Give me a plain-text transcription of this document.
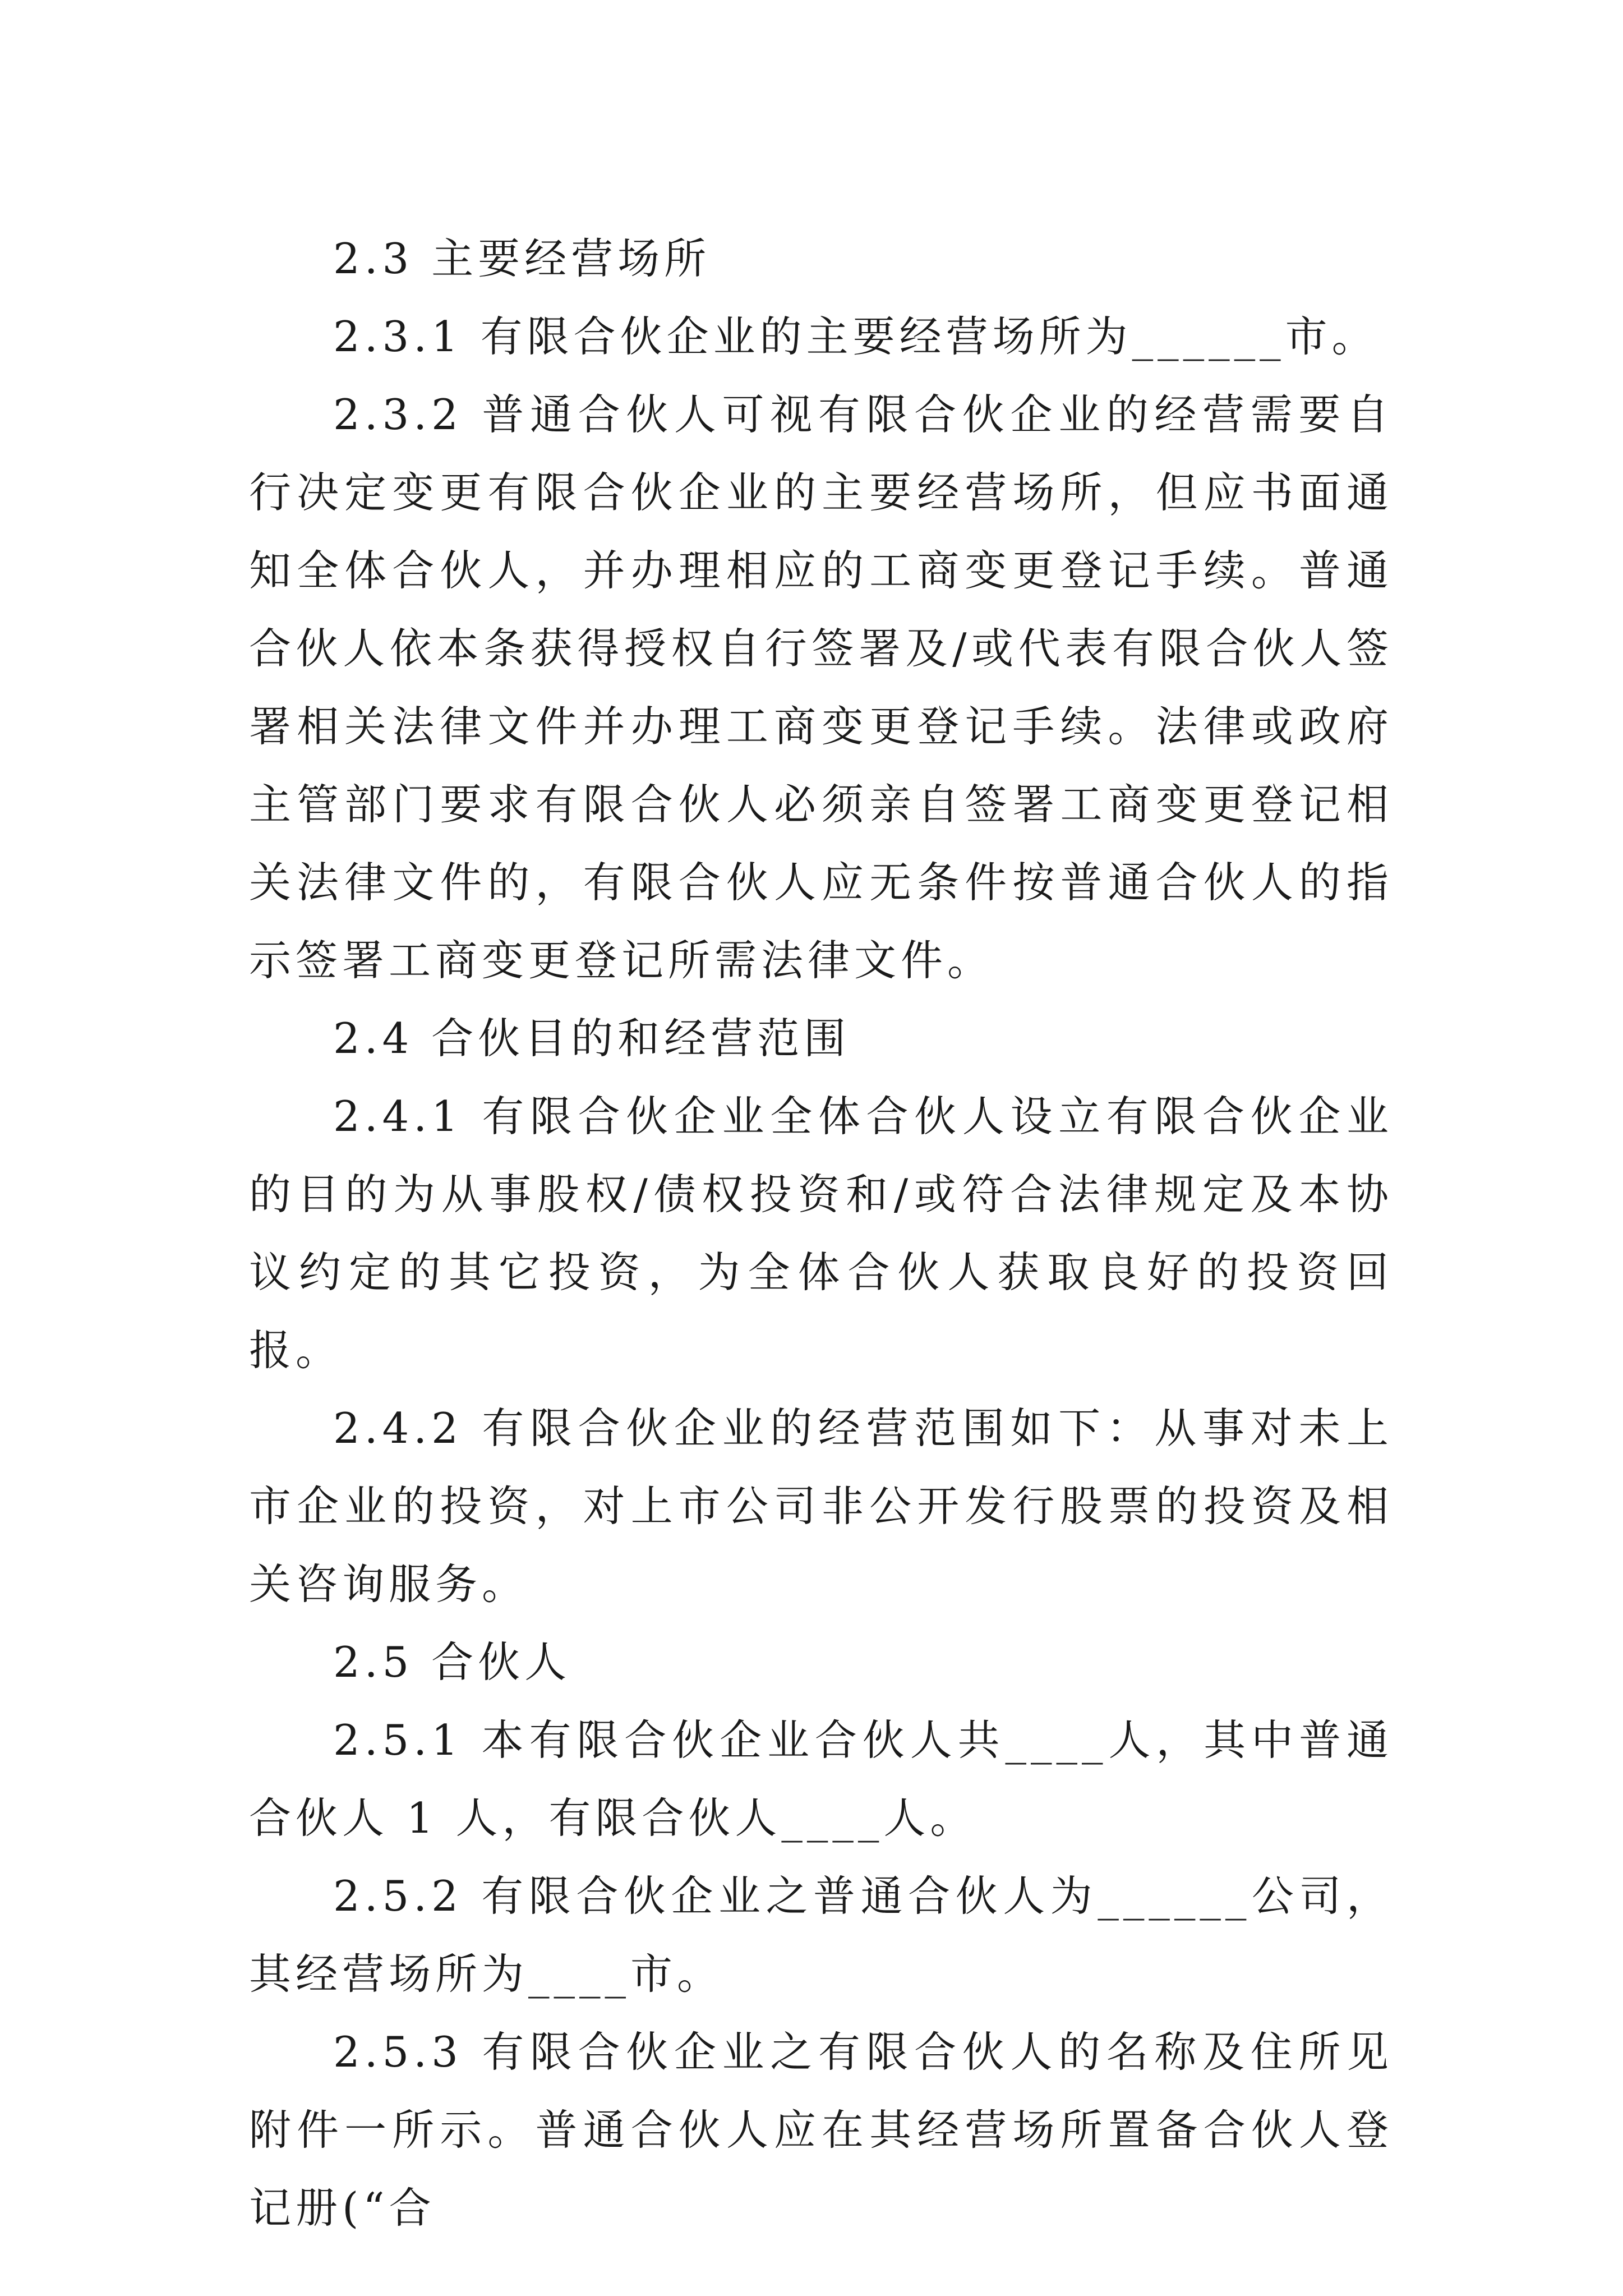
2.3 主要经营场所

2.3.1 有限合伙企业的主要经营场所为______市。

2.3.2 普通合伙人可视有限合伙企业的经营需要自行决定变更有限合伙企业的主要经营场所，但应书面通知全体合伙人，并办理相应的工商变更登记手续。普通合伙人依本条获得授权自行签署及/或代表有限合伙人签署相关法律文件并办理工商变更登记手续。法律或政府主管部门要求有限合伙人必须亲自签署工商变更登记相关法律文件的，有限合伙人应无条件按普通合伙人的指示签署工商变更登记所需法律文件。

2.4 合伙目的和经营范围

2.4.1 有限合伙企业全体合伙人设立有限合伙企业的目的为从事股权/债权投资和/或符合法律规定及本协议约定的其它投资，为全体合伙人获取良好的投资回报。

2.4.2 有限合伙企业的经营范围如下：从事对未上市企业的投资，对上市公司非公开发行股票的投资及相关咨询服务。

2.5 合伙人

2.5.1 本有限合伙企业合伙人共____人，其中普通合伙人 1 人，有限合伙人____人。

2.5.2 有限合伙企业之普通合伙人为______公司，其经营场所为____市。

2.5.3 有限合伙企业之有限合伙人的名称及住所见附件一所示。普通合伙人应在其经营场所置备合伙人登记册(“合
